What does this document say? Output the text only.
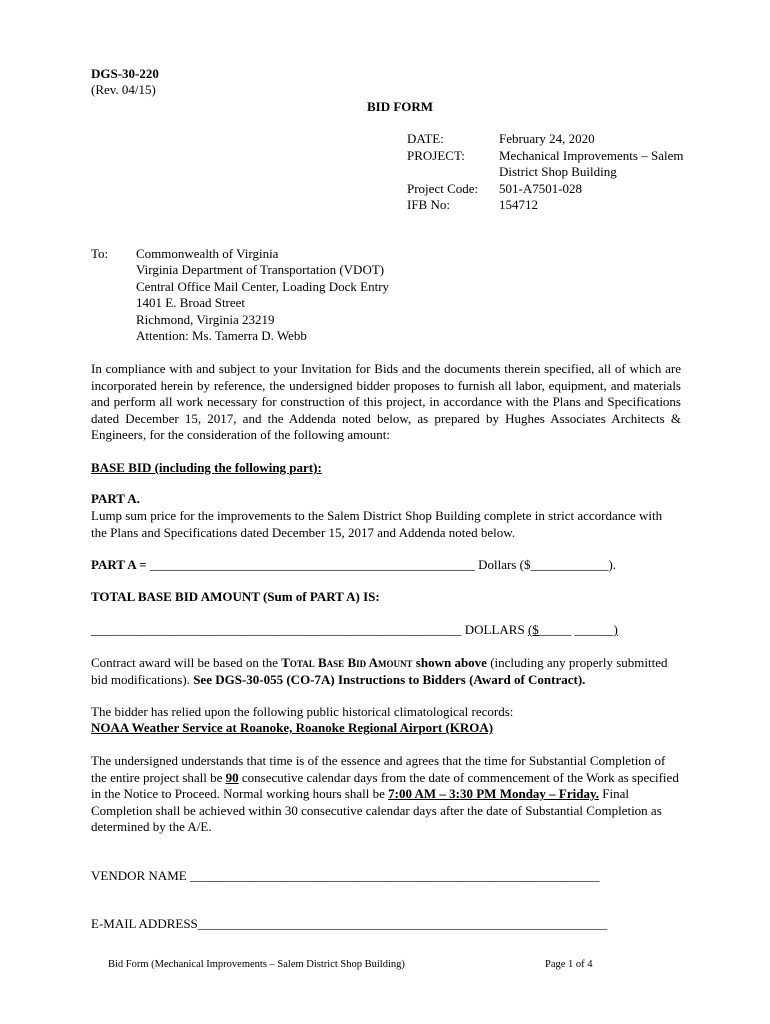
DGS-30-220
(Rev. 04/15)
BID FORM
DATE:	February 24, 2020
PROJECT:	Mechanical Improvements – Salem
District Shop Building
Project Code: 501-A7501-028
IFB No:	154712
To: Commonwealth of Virginia
Virginia Department of Transportation (VDOT)
Central Office Mail Center, Loading Dock Entry
1401 E. Broad Street
Richmond, Virginia 23219
Attention: Ms. Tamerra D. Webb
In compliance with and subject to your Invitation for Bids and the documents therein specified, all of which are incorporated herein by reference, the undersigned bidder proposes to furnish all labor, equipment, and materials and perform all work necessary for construction of this project, in accordance with the Plans and Specifications dated December 15, 2017, and the Addenda noted below, as prepared by Hughes Associates Architects & Engineers, for the consideration of the following amount:
BASE BID (including the following part):
PART A.
Lump sum price for the improvements to the Salem District Shop Building complete in strict accordance with the Plans and Specifications dated December 15, 2017 and Addenda noted below.
PART A = __________________________________________________ Dollars ($____________).
TOTAL BASE BID AMOUNT (Sum of PART A) IS:
_________________________________________________________ DOLLARS ($_____ ______)
Contract award will be based on the Total Base Bid Amount shown above (including any properly submitted bid modifications). See DGS-30-055 (CO-7A) Instructions to Bidders (Award of Contract).
The bidder has relied upon the following public historical climatological records:
NOAA Weather Service at Roanoke, Roanoke Regional Airport (KROA)
The undersigned understands that time is of the essence and agrees that the time for Substantial Completion of the entire project shall be 90 consecutive calendar days from the date of commencement of the Work as specified in the Notice to Proceed. Normal working hours shall be 7:00 AM – 3:30 PM Monday – Friday. Final Completion shall be achieved within 30 consecutive calendar days after the date of Substantial Completion as determined by the A/E.
VENDOR NAME _______________________________________________________________
E-MAIL ADDRESS_______________________________________________________________
Bid Form (Mechanical Improvements – Salem District Shop Building)	Page 1 of 4
